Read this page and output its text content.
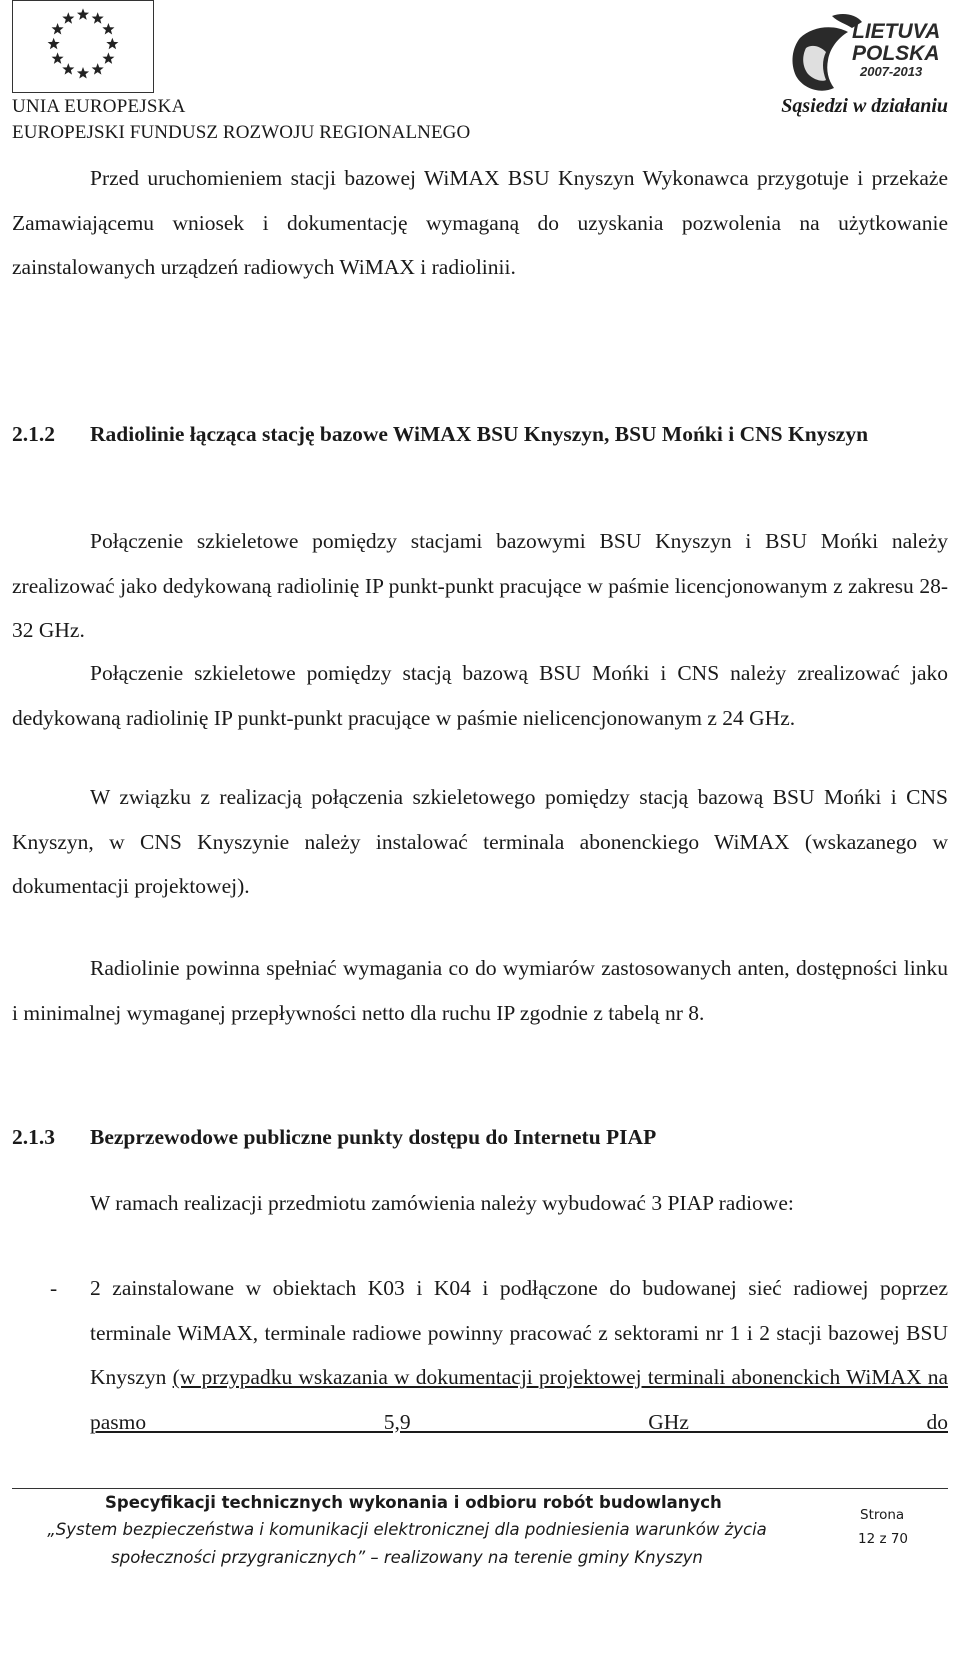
UNIA EUROPEJSKA
EUROPEJSKI FUNDUSZ ROZWOJU REGIONALNEGO
LIETUVA
POLSKA
2007-2013
Sąsiedzi w działaniu
Przed uruchomieniem stacji bazowej WiMAX BSU Knyszyn Wykonawca przygotuje i przekaże Zamawiającemu wniosek i dokumentację wymaganą do uzyskania pozwolenia na użytkowanie zainstalowanych urządzeń radiowych WiMAX i radiolinii.
2.1.2 Radiolinie łącząca stację bazowe WiMAX BSU Knyszyn, BSU Mońki i CNS Knyszyn
Połączenie szkieletowe pomiędzy stacjami bazowymi BSU Knyszyn i BSU Mońki należy zrealizować jako dedykowaną radiolinię IP punkt-punkt pracujące w paśmie licencjonowanym z zakresu 28-32 GHz.
Połączenie szkieletowe pomiędzy stacją bazową BSU Mońki i CNS należy zrealizować jako dedykowaną radiolinię IP punkt-punkt pracujące w paśmie nielicencjonowanym z 24 GHz.
W związku z realizacją połączenia szkieletowego pomiędzy stacją bazową BSU Mońki i CNS Knyszyn, w CNS Knyszynie należy instalować terminala abonenckiego WiMAX (wskazanego w dokumentacji projektowej).
Radiolinie powinna spełniać wymagania co do wymiarów zastosowanych anten, dostępności linku i minimalnej wymaganej przepływności netto dla ruchu IP zgodnie z tabelą nr 8.
2.1.3 Bezprzewodowe publiczne punkty dostępu do Internetu PIAP
W ramach realizacji przedmiotu zamówienia należy wybudować 3 PIAP radiowe:
- 2 zainstalowane w obiektach K03 i K04 i podłączone do budowanej sieć radiowej poprzez terminale WiMAX, terminale radiowe powinny pracować z sektorami nr 1 i 2 stacji bazowej BSU Knyszyn (w przypadku wskazania w dokumentacji projektowej terminali abonenckich WiMAX na pasmo 5,9 GHz do
Specyfikacji technicznych wykonania i odbioru robót budowlanych
„System bezpieczeństwa i komunikacji elektronicznej dla podniesienia warunków życia
społeczności przygranicznych” – realizowany na terenie gminy Knyszyn
Strona
12 z 70
